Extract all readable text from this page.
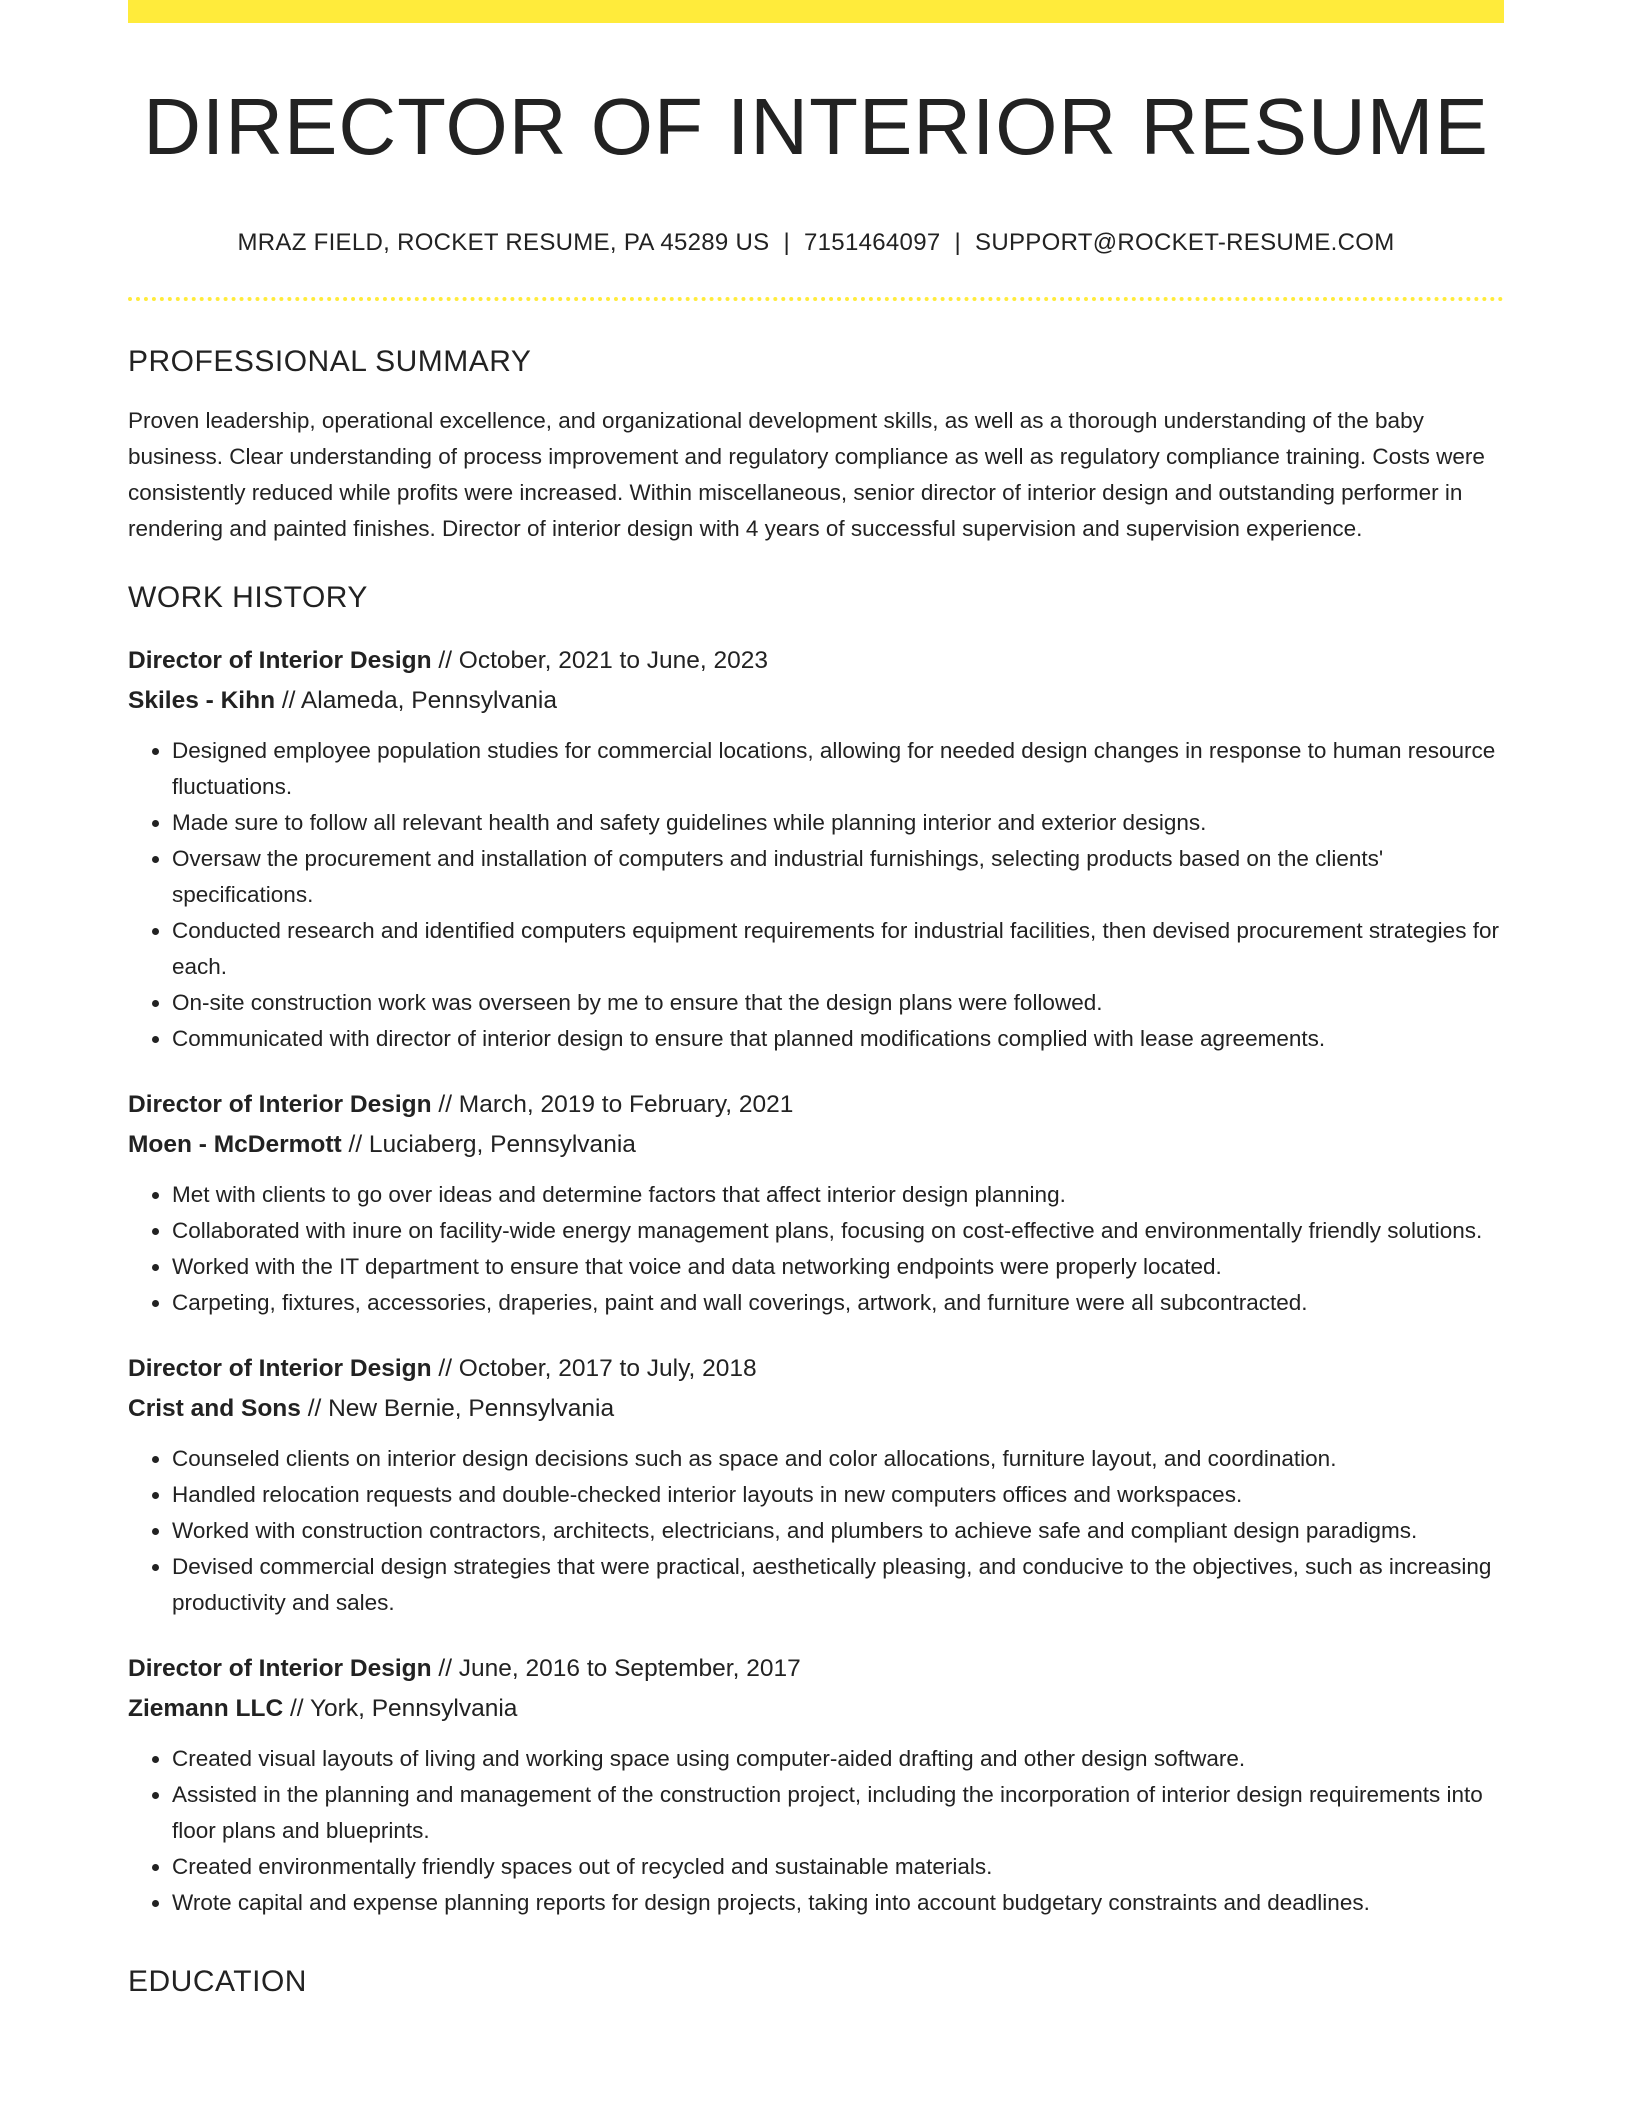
DIRECTOR OF INTERIOR RESUME
MRAZ FIELD, ROCKET RESUME, PA 45289 US | 7151464097 | SUPPORT@ROCKET-RESUME.COM
PROFESSIONAL SUMMARY

Proven leadership, operational excellence, and organizational development skills, as well as a thorough understanding of the baby business. Clear understanding of process improvement and regulatory compliance as well as regulatory compliance training. Costs were consistently reduced while profits were increased. Within miscellaneous, senior director of interior design and outstanding performer in rendering and painted finishes. Director of interior design with 4 years of successful supervision and supervision experience.

WORK HISTORY
Director of Interior Design // October, 2021 to June, 2023
Skiles - Kihn // Alameda, Pennsylvania
• Designed employee population studies for commercial locations, allowing for needed design changes in response to human resource fluctuations.
• Made sure to follow all relevant health and safety guidelines while planning interior and exterior designs.
• Oversaw the procurement and installation of computers and industrial furnishings, selecting products based on the clients' specifications.
• Conducted research and identified computers equipment requirements for industrial facilities, then devised procurement strategies for each.
• On-site construction work was overseen by me to ensure that the design plans were followed.
• Communicated with director of interior design to ensure that planned modifications complied with lease agreements.
Director of Interior Design // March, 2019 to February, 2021
Moen - McDermott // Luciaberg, Pennsylvania
• Met with clients to go over ideas and determine factors that affect interior design planning.
• Collaborated with inure on facility-wide energy management plans, focusing on cost-effective and environmentally friendly solutions.
• Worked with the IT department to ensure that voice and data networking endpoints were properly located.
• Carpeting, fixtures, accessories, draperies, paint and wall coverings, artwork, and furniture were all subcontracted.
Director of Interior Design // October, 2017 to July, 2018
Crist and Sons // New Bernie, Pennsylvania
• Counseled clients on interior design decisions such as space and color allocations, furniture layout, and coordination.
• Handled relocation requests and double-checked interior layouts in new computers offices and workspaces.
• Worked with construction contractors, architects, electricians, and plumbers to achieve safe and compliant design paradigms.
• Devised commercial design strategies that were practical, aesthetically pleasing, and conducive to the objectives, such as increasing productivity and sales.
Director of Interior Design // June, 2016 to September, 2017
Ziemann LLC // York, Pennsylvania
• Created visual layouts of living and working space using computer-aided drafting and other design software.
• Assisted in the planning and management of the construction project, including the incorporation of interior design requirements into floor plans and blueprints.
• Created environmentally friendly spaces out of recycled and sustainable materials.
• Wrote capital and expense planning reports for design projects, taking into account budgetary constraints and deadlines.
EDUCATION
